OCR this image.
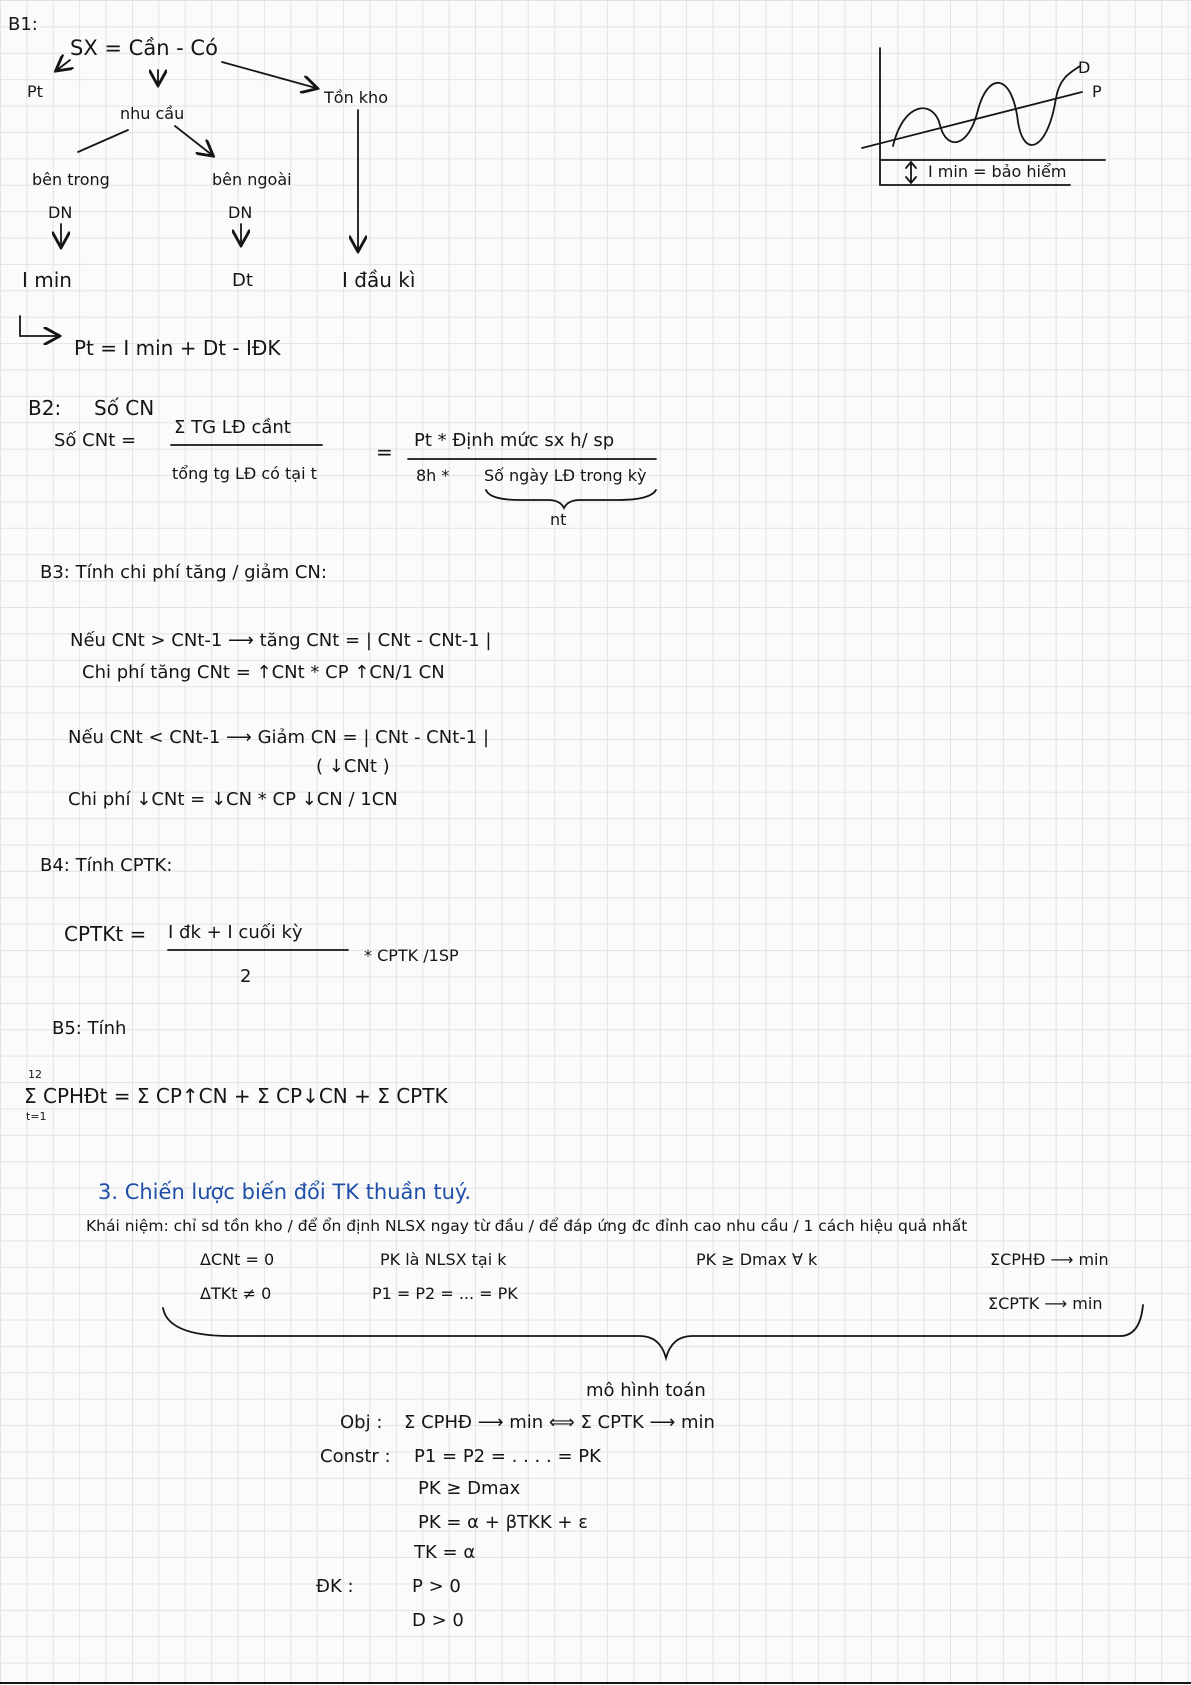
B1:
SX = Cần - Có
Pt
nhu cầu
Tồn kho
bên trong	bên ngoài
DN	DN
I min	Dt	I đầu kì
Pt = I min + Dt - IĐK
D
P
I min = bảo hiểm
B2: Số CN
Số CNt =
Σ TG LĐ cầnt
tổng tg LĐ có tại t
= Pt * Định mức sx h/ sp
8h * Số ngày LĐ trong kỳ
nt
B3: Tính chi phí tăng / giảm CN:
Nếu CNt > CNt-1 ⟶ tăng CNt = | CNt - CNt-1 |
Chi phí tăng CNt = ↑CNt * CP ↑CN/1 CN
Nếu CNt < CNt-1 ⟶ Giảm CN = | CNt - CNt-1 |
( ↓CNt )
Chi phí ↓CNt = ↓CN * CP ↓CN / 1CN
B4: Tính CPTK:
CPTKt = I đk + I cuối kỳ
2
* CPTK /1SP
B5: Tính
12
t=1
Σ CPHĐt = Σ CP↑CN + Σ CP↓CN + Σ CPTK
3. Chiến lược biến đổi TK thuần tuý.
Khái niệm: chỉ sd tồn kho / để ổn định NLSX ngay từ đầu / để đáp ứng đc đỉnh cao nhu cầu / 1 cách hiệu quả nhất
ΔCNt = 0
ΔTKt ≠ 0
PK là NLSX tại k
P1 = P2 = ... = PK
PK ≥ Dmax ∀ k	ΣCPHĐ ⟶ min
ΣCPTK ⟶ min
mô hình toán
Obj : Σ CPHĐ ⟶ min ⟺ Σ CPTK ⟶ min
Constr : P1 = P2 = . . . . = PK
PK ≥ Dmax
PK = α + βTKK + ε
TK = α
ĐK :	P > 0
D > 0
